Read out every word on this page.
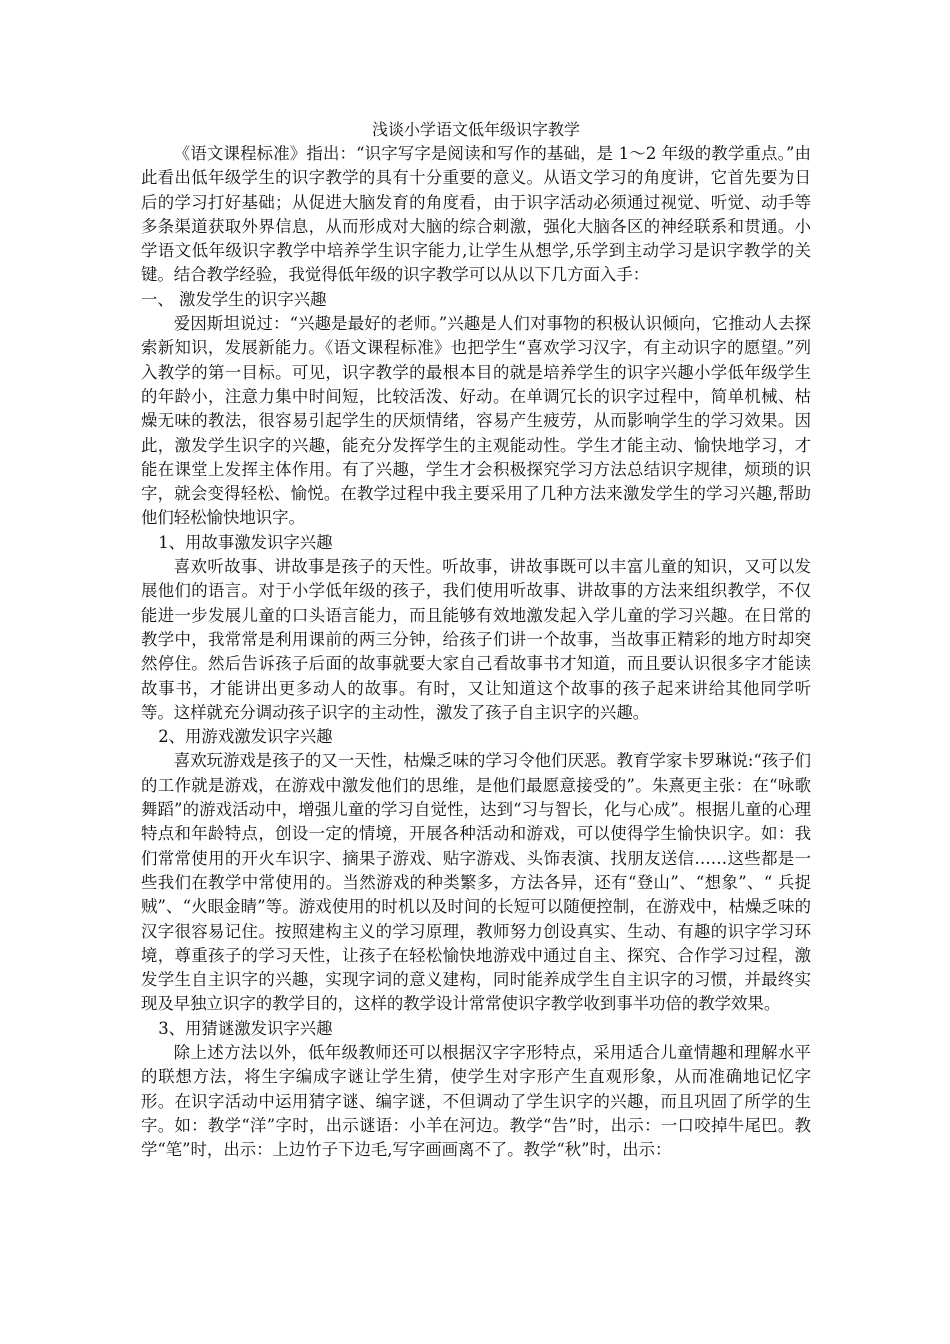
浅谈小学语文低年级识字教学

《语文课程标准》指出：“识字写字是阅读和写作的基础，是 1～2 年级的教学重点。”由此看出低年级学生的识字教学的具有十分重要的意义。从语文学习的角度讲，它首先要为日后的学习打好基础；从促进大脑发育的角度看，由于识字活动必须通过视觉、听觉、动手等多条渠道获取外界信息，从而形成对大脑的综合刺激，强化大脑各区的神经联系和贯通。小学语文低年级识字教学中培养学生识字能力,让学生从想学,乐学到主动学习是识字教学的关键。结合教学经验，我觉得低年级的识字教学可以从以下几方面入手：

一、 激发学生的识字兴趣

爱因斯坦说过：“兴趣是最好的老师。”兴趣是人们对事物的积极认识倾向，它推动人去探索新知识，发展新能力。《语文课程标准》也把学生“喜欢学习汉字，有主动识字的愿望。”列入教学的第一目标。可见，识字教学的最根本目的就是培养学生的识字兴趣小学低年级学生的年龄小，注意力集中时间短，比较活泼、好动。在单调冗长的识字过程中，简单机械、枯燥无味的教法，很容易引起学生的厌烦情绪，容易产生疲劳，从而影响学生的学习效果。因此，激发学生识字的兴趣，能充分发挥学生的主观能动性。学生才能主动、愉快地学习，才能在课堂上发挥主体作用。有了兴趣，学生才会积极探究学习方法总结识字规律，烦琐的识字，就会变得轻松、愉悦。在教学过程中我主要采用了几种方法来激发学生的学习兴趣,帮助他们轻松愉快地识字。

1、用故事激发识字兴趣

喜欢听故事、讲故事是孩子的天性。听故事，讲故事既可以丰富儿童的知识，又可以发展他们的语言。对于小学低年级的孩子，我们使用听故事、讲故事的方法来组织教学，不仅能进一步发展儿童的口头语言能力，而且能够有效地激发起入学儿童的学习兴趣。在日常的教学中，我常常是利用课前的两三分钟，给孩子们讲一个故事，当故事正精彩的地方时却突然停住。然后告诉孩子后面的故事就要大家自己看故事书才知道，而且要认识很多字才能读故事书，才能讲出更多动人的故事。有时，又让知道这个故事的孩子起来讲给其他同学听等。这样就充分调动孩子识字的主动性，激发了孩子自主识字的兴趣。

2、用游戏激发识字兴趣

喜欢玩游戏是孩子的又一天性，枯燥乏味的学习令他们厌恶。教育学家卡罗琳说:“孩子们的工作就是游戏，在游戏中激发他们的思维，是他们最愿意接受的”。朱熹更主张：在“咏歌舞蹈”的游戏活动中，增强儿童的学习自觉性，达到“习与智长，化与心成”。根据儿童的心理特点和年龄特点，创设一定的情境，开展各种活动和游戏，可以使得学生愉快识字。如：我们常常使用的开火车识字、摘果子游戏、贴字游戏、头饰表演、找朋友送信……这些都是一些我们在教学中常使用的。当然游戏的种类繁多，方法各异，还有“登山”、“想象”、“ 兵捉贼”、“火眼金睛”等。游戏使用的时机以及时间的长短可以随便控制，在游戏中，枯燥乏味的汉字很容易记住。按照建构主义的学习原理，教师努力创设真实、生动、有趣的识字学习环境，尊重孩子的学习天性，让孩子在轻松愉快地游戏中通过自主、探究、合作学习过程，激发学生自主识字的兴趣，实现字词的意义建构，同时能养成学生自主识字的习惯，并最终实现及早独立识字的教学目的，这样的教学设计常常使识字教学收到事半功倍的教学效果。

3、用猜谜激发识字兴趣

除上述方法以外，低年级教师还可以根据汉字字形特点，采用适合儿童情趣和理解水平的联想方法，将生字编成字谜让学生猜，使学生对字形产生直观形象，从而准确地记忆字形。在识字活动中运用猜字谜、编字谜，不但调动了学生识字的兴趣，而且巩固了所学的生字。如：教学“洋”字时，出示谜语：小羊在河边。教学“告”时，出示：一口咬掉牛尾巴。教学“笔”时，出示：上边竹子下边毛,写字画画离不了。教学“秋”时，出示：
